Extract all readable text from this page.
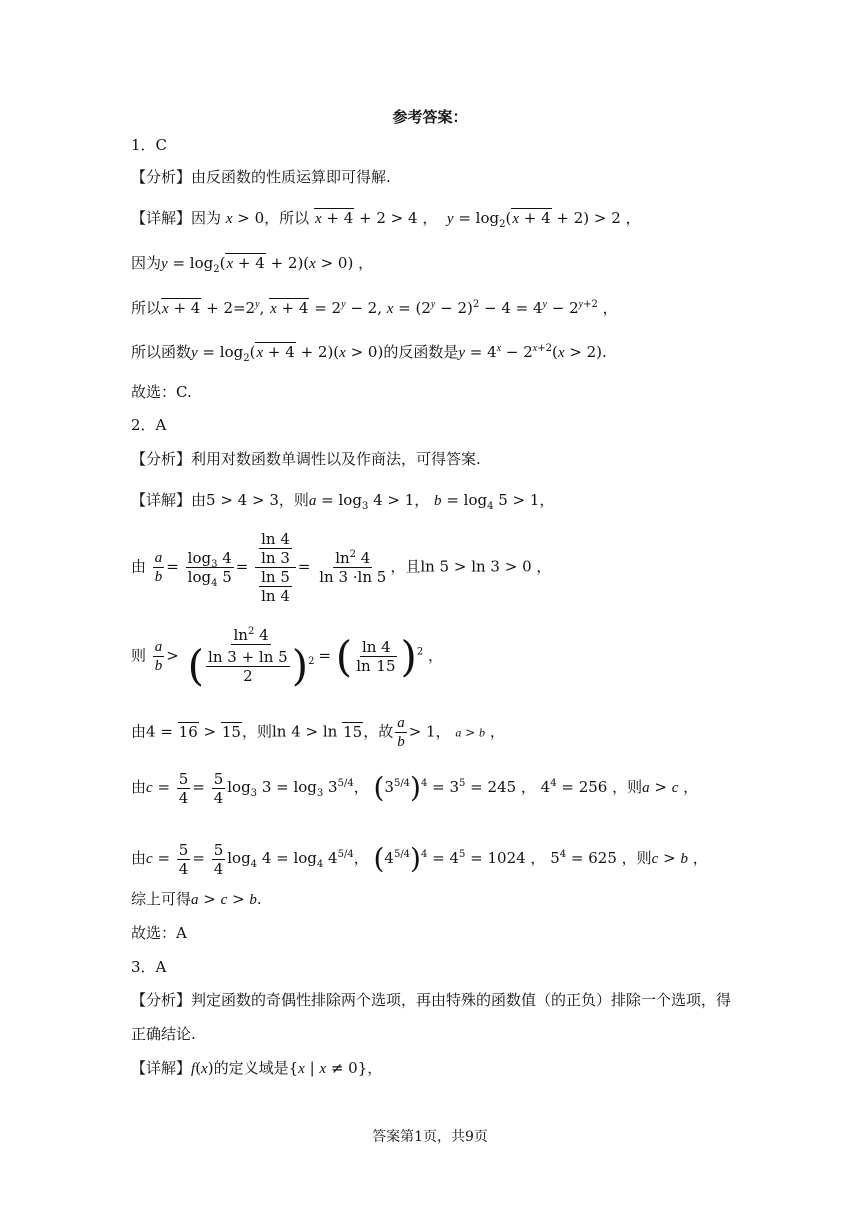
参考答案：
1．C
【分析】由反函数的性质运算即可得解.
【详解】因为 x > 0，所以 x + 4 + 2 > 4 ，  $y = \log_2(x + 4 + 2) > 2$ ，
因为$y = \log_2(x + 4 + 2)(x > 0)$ ，
所以$x + 4 + 2=2^y$, $x + 4 = 2^y - 2$, $x = (2^y - 2)^2 - 4 = 4^y - 2^{y+2}$ ，
所以函数$y = \log_2(x + 4 + 2)(x > 0)$的反函数是$y = 4^x - 2^{x+2}(x > 2)$.
故选：C.
2．A
【分析】利用对数函数单调性以及作商法，可得答案.
【详解】由5 > 4 > 3，则$a = \log_3 4 > 1$， $b = \log_4 5 > 1$，
由 $\frac{a}{b} = \frac{\log_3 4}{\log_4 5} = \frac{\frac{\ln 4}{\ln 3}}{\frac{\ln 5}{\ln 4}} = \frac{\ln^2 4}{\ln 3 \cdot\ln 5}$ ，且ln 5 > ln 3 > 0 ，
则 $\frac{a}{b} > \frac{\ln^2 4}{( \frac{\ln 3 + \ln 5}{2} )^2}$ = ( $\frac{\ln 4}{\ln 15} )^2$ ，
由4 = 16 > 15，则ln 4 > ln 15，故 $\frac{a}{b} > 1$， a > b ，
由$c = \frac{5}{4} = \frac{5}{4} \log_3 3 = \log_3 3^{5/4}$， $(3^{5/4})^4 = 3^5 = 245$ ， $4^4 = 256$ ，则a > c ，
由$c = \frac{5}{4} = \frac{5}{4} \log_4 4 = \log_4 4^{5/4}$， $(4^{5/4})^4 = 4^5 = 1024$ ， $5^4 = 625$ ，则c > b ，
综上可得a > c > b.
故选：A
3．A
【分析】判定函数的奇偶性排除两个选项，再由特殊的函数值（的正负）排除一个选项，得
正确结论.
【详解】f(x)的定义域是{x | x ≠ 0}，
答案第1页，共9页
